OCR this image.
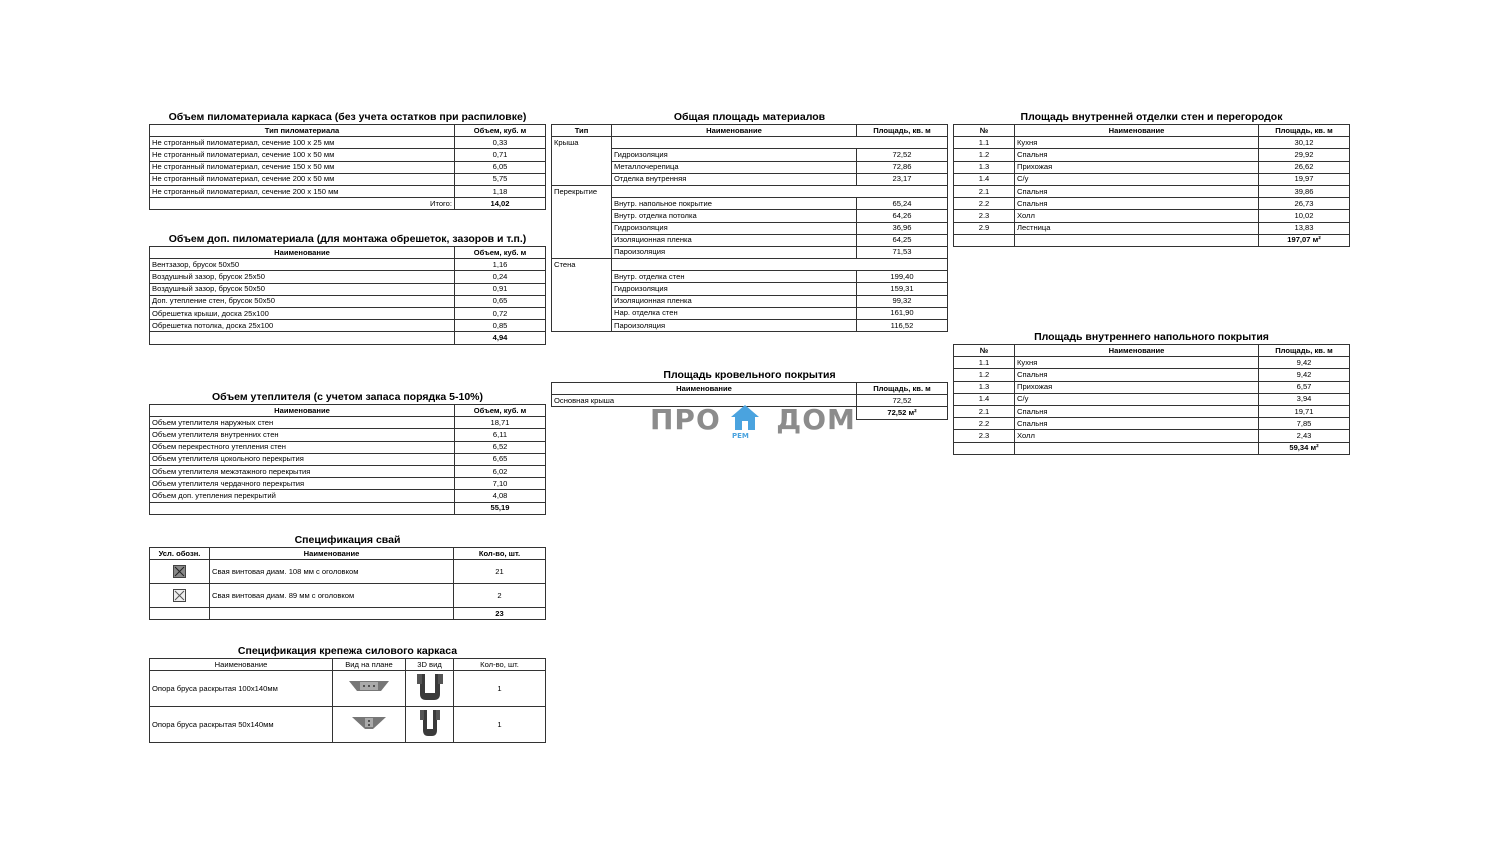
Объем пиломатериала каркаса (без учета остатков при распиловке)
Тип пиломатериала	Объем, куб. м
Не строганный пиломатериал, сечение 100 х 25 мм	0,33
Не строганный пиломатериал, сечение 100 х 50 мм	0,71
Не строганный пиломатериал, сечение 150 х 50 мм	6,05
Не строганный пиломатериал, сечение 200 х 50 мм	5,75
Не строганный пиломатериал, сечение 200 х 150 мм	1,18
Итого:	14,02
Объем доп. пиломатериала (для монтажа обрешеток, зазоров и т.п.)
Наименование	Объем, куб. м
Вентзазор, брусок 50х50	1,16
Воздушный зазор, брусок 25х50	0,24
Воздушный зазор, брусок 50х50	0,91
Доп. утепление стен, брусок 50х50	0,65
Обрешетка крыши, доска 25х100	0,72
Обрешетка потолка, доска 25х100	0,85
	4,94
Объем утеплителя (с учетом запаса порядка 5-10%)
Наименование	Объем, куб. м
Объем утеплителя наружных стен	18,71
Объем утеплителя внутренних стен	6,11
Объем перекрестного утепления стен	6,52
Объем утеплителя цокольного перекрытия	6,65
Объем утеплителя межэтажного перекрытия	6,02
Объем утеплителя чердачного перекрытия	7,10
Объем доп. утепления перекрытий	4,08
	55,19
Спецификация свай
Усл. обозн.	Наименование	Кол-во, шт.

	Свая винтовая диам. 108 мм с оголовком	21

	Свая винтовая диам. 89 мм с оголовком	2
		23
Спецификация крепежа силового каркаса
Наименование	Вид на плане	3D вид	Кол-во, шт.
Опора бруса раскрытая 100х140мм			1
Опора бруса раскрытая 50х140мм			1
Общая площадь материалов
Тип	Наименование	Площадь, кв. м
Крыша		
	Гидроизоляция	72,52
	Металлочерепица	72,86
	Отделка внутренняя	23,17
Перекрытие		
	Внутр. напольное покрытие	65,24
	Внутр. отделка потолка	64,26
	Гидроизоляция	36,96
	Изоляционная пленка	64,25
	Пароизоляция	71,53
Стена		
	Внутр. отделка стен	199,40
	Гидроизоляция	159,31
	Изоляционная пленка	99,32
	Нар. отделка стен	161,90
	Пароизоляция	116,52
Площадь кровельного покрытия
Наименование	Площадь, кв. м
Основная крыша	72,52
	72,52 м²
ПРО ДОМ
РЕМ
Площадь внутренней отделки стен и перегородок
№	Наименование	Площадь, кв. м
1.1	Кухня	30,12
1.2	Спальня	29,92
1.3	Прихожая	26,62
1.4	С/у	19,97
2.1	Спальня	39,86
2.2	Спальня	26,73
2.3	Холл	10,02
2.9	Лестница	13,83
		197,07 м²
Площадь внутреннего напольного покрытия
№	Наименование	Площадь, кв. м
1.1	Кухня	9,42
1.2	Спальня	9,42
1.3	Прихожая	6,57
1.4	С/у	3,94
2.1	Спальня	19,71
2.2	Спальня	7,85
2.3	Холл	2,43
		59,34 м²
